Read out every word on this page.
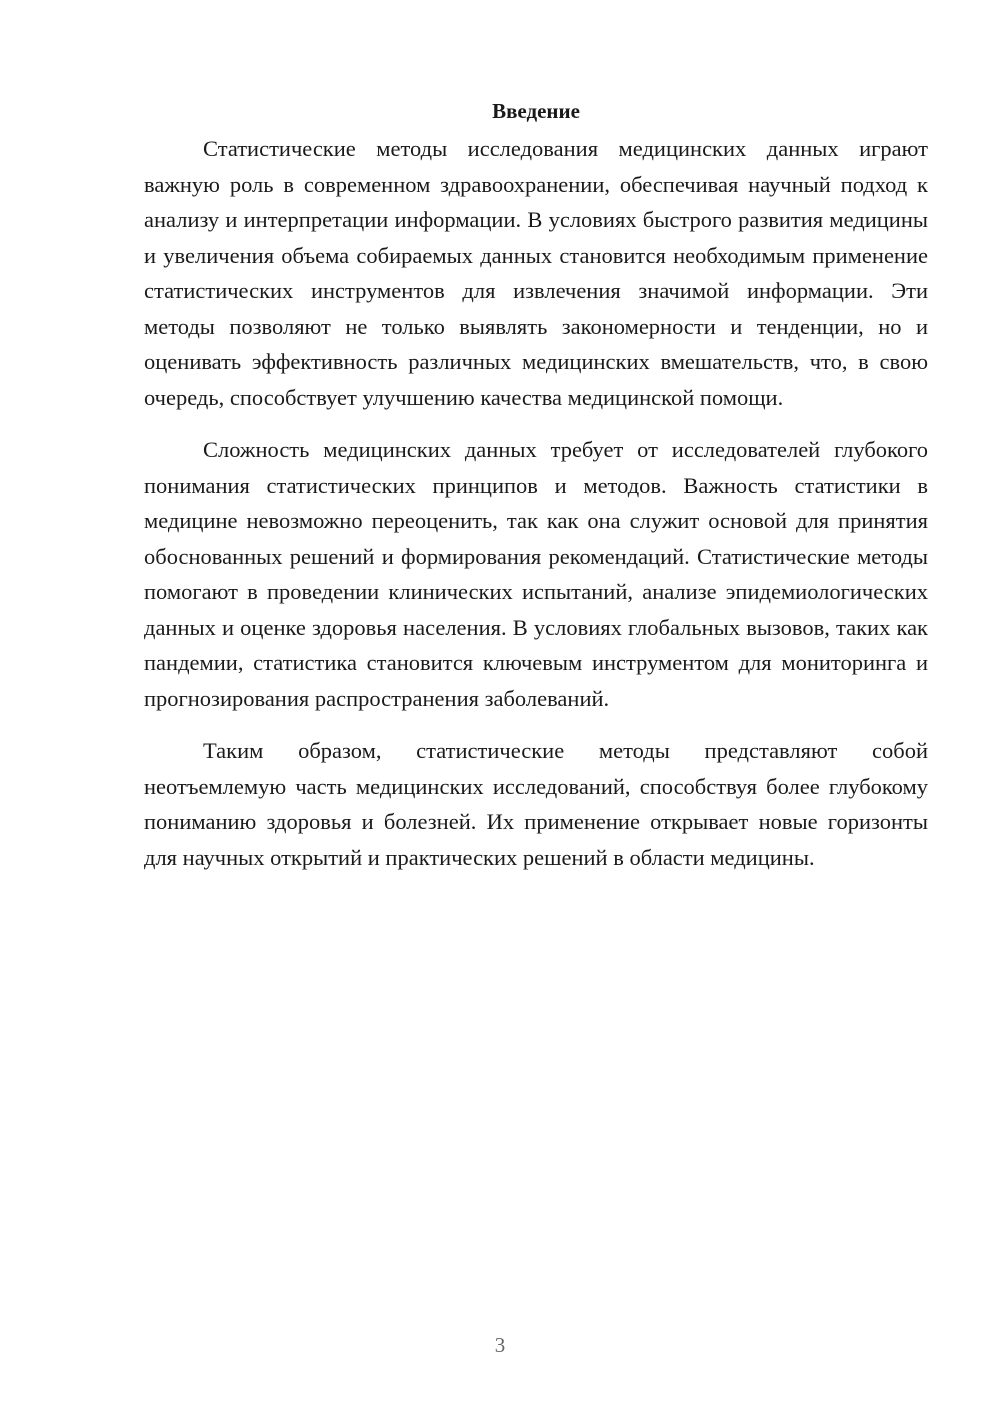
Введение

Статистические методы исследования медицинских данных играют важную роль в современном здравоохранении, обеспечивая научный подход к анализу и интерпретации информации. В условиях быстрого развития медицины и увеличения объема собираемых данных становится необходимым применение статистических инструментов для извлечения значимой информации. Эти методы позволяют не только выявлять закономерности и тенденции, но и оценивать эффективность различных медицинских вмешательств, что, в свою очередь, способствует улучшению качества медицинской помощи.

Сложность медицинских данных требует от исследователей глубокого понимания статистических принципов и методов. Важность статистики в медицине невозможно переоценить, так как она служит основой для принятия обоснованных решений и формирования рекомендаций. Статистические методы помогают в проведении клинических испытаний, анализе эпидемиологических данных и оценке здоровья населения. В условиях глобальных вызовов, таких как пандемии, статистика становится ключевым инструментом для мониторинга и прогнозирования распространения заболеваний.

Таким образом, статистические методы представляют собой неотъемлемую часть медицинских исследований, способствуя более глубокому пониманию здоровья и болезней. Их применение открывает новые горизонты для научных открытий и практических решений в области медицины.

3
